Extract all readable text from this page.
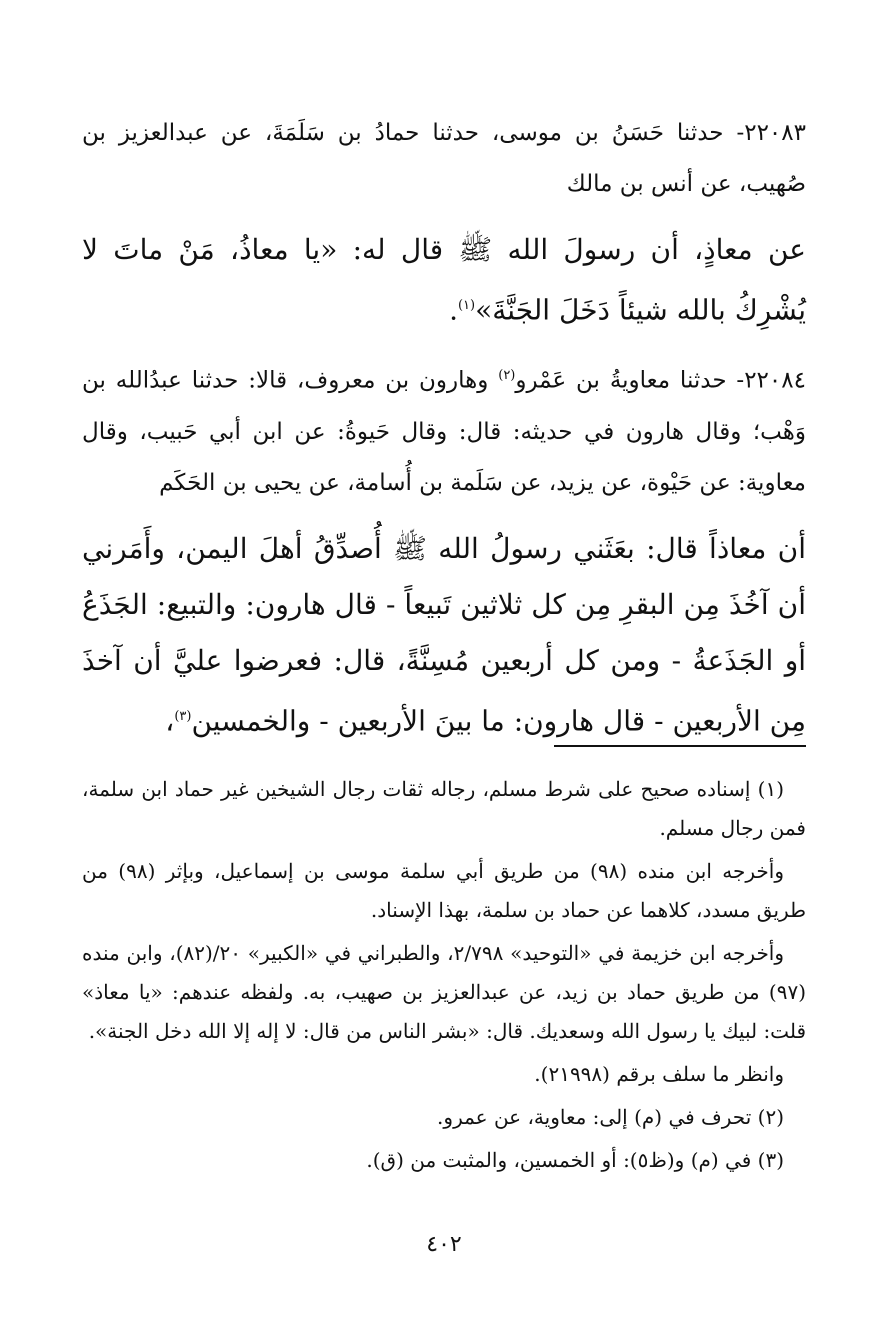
٢٢٠٨٣- حدثنا حَسَنُ بن موسى، حدثنا حمادُ بن سَلَمَةَ، عن عبدالعزيز بن صُهيب، عن أنس بن مالك

عن معاذٍ، أن رسولَ الله ﷺ قال له: «يا معاذُ، مَنْ ماتَ لا يُشْرِكُ بالله شيئاً دَخَلَ الجَنَّةَ»$^{(١)}$.

٢٢٠٨٤- حدثنا معاويةُ بن عَمْرو$^{(٢)}$ وهارون بن معروف، قالا: حدثنا عبدُالله بن وَهْب؛ وقال هارون في حديثه: قال: وقال حَيوةُ: عن ابن أبي حَبيب، وقال معاوية: عن حَيْوة، عن يزيد، عن سَلَمة بن أُسامة، عن يحيى بن الحَكَم

أن معاذاً قال: بعَثَني رسولُ الله ﷺ أُصدِّقُ أهلَ اليمن، وأَمَرني أن آخُذَ مِن البقرِ مِن كل ثلاثين تَبيعاً - قال هارون: والتبيع: الجَذَعُ أو الجَذَعةُ - ومن كل أربعين مُسِنَّةً، قال: فعرضوا عليَّ أن آخذَ مِن الأربعين - قال هارون: ما بينَ الأربعين - والخمسين$^{(٣)}$،

(١) إسناده صحيح على شرط مسلم، رجاله ثقات رجال الشيخين غير حماد ابن سلمة، فمن رجال مسلم.

وأخرجه ابن منده (٩٨) من طريق أبي سلمة موسى بن إسماعيل، وبإثر (٩٨) من طريق مسدد، كلاهما عن حماد بن سلمة، بهذا الإسناد.

وأخرجه ابن خزيمة في «التوحيد» ٢/٧٩٨، والطبراني في «الكبير» ٢٠/(٨٢)، وابن منده (٩٧) من طريق حماد بن زيد، عن عبدالعزيز بن صهيب، به. ولفظه عندهم: «يا معاذ» قلت: لبيك يا رسول الله وسعديك. قال: «بشر الناس من قال: لا إله إلا الله دخل الجنة».

وانظر ما سلف برقم (٢١٩٩٨).

(٢) تحرف في (م) إلى: معاوية، عن عمرو.

(٣) في (م) و(ظ٥): أو الخمسين، والمثبت من (ق).

٤٠٢
